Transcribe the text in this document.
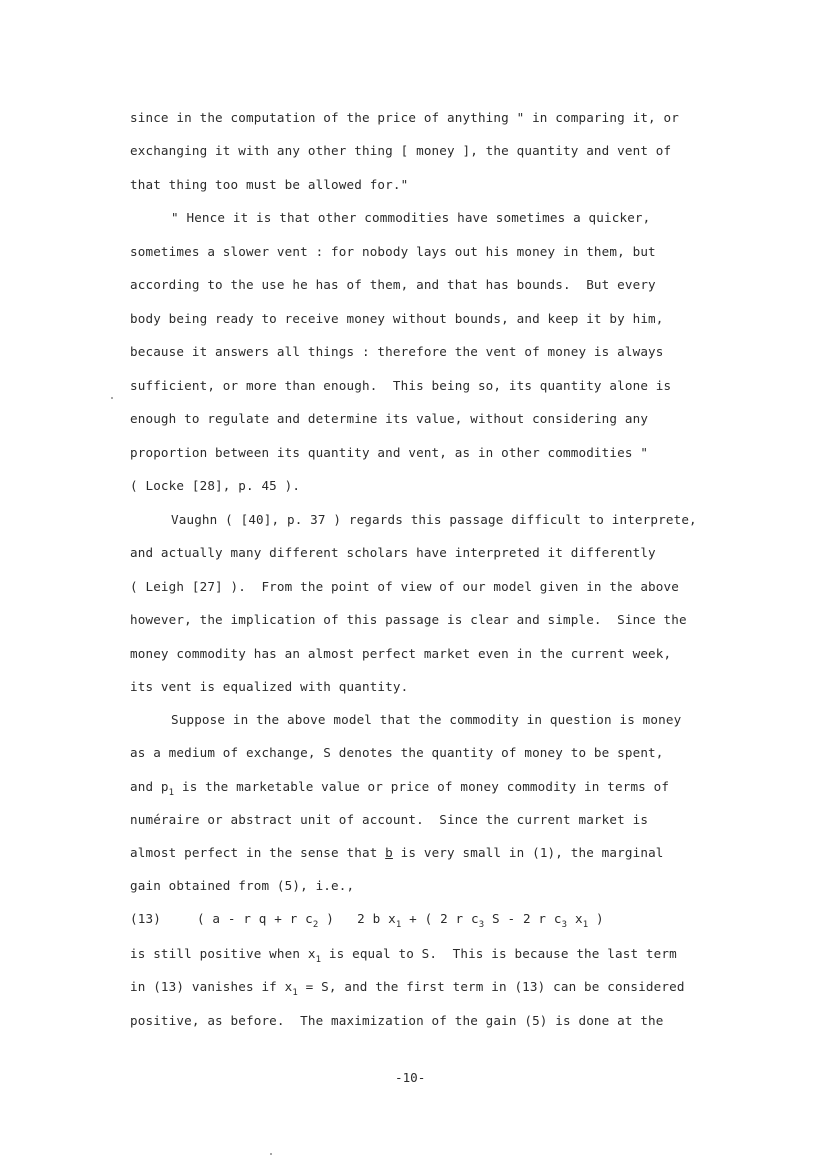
since in the computation of the price of anything " in comparing it, or
exchanging it with any other thing [ money ], the quantity and vent of
that thing too must be allowed for."
" Hence it is that other commodities have sometimes a quicker,
sometimes a slower vent : for nobody lays out his money in them, but
according to the use he has of them, and that has bounds.  But every
body being ready to receive money without bounds, and keep it by him,
because it answers all things : therefore the vent of money is always
sufficient, or more than enough.  This being so, its quantity alone is
enough to regulate and determine its value, without considering any
proportion between its quantity and vent, as in other commodities "
( Locke [28], p. 45 ).
Vaughn ( [40], p. 37 ) regards this passage difficult to interprete,
and actually many different scholars have interpreted it differently
( Leigh [27] ).  From the point of view of our model given in the above
however, the implication of this passage is clear and simple.  Since the
money commodity has an almost perfect market even in the current week,
its vent is equalized with quantity.
Suppose in the above model that the commodity in question is money
as a medium of exchange, S denotes the quantity of money to be spent,
and $p_1$ is the marketable value or price of money commodity in terms of
numéraire or abstract unit of account.  Since the current market is
almost perfect in the sense that b is very small in (1), the marginal
gain obtained from (5), i.e.,
(13)	( a - r q + r $c_2$ )   2 b $x_1$ + ( 2 r $c_3$ S - 2 r $c_3$ $x_1$ )
is still positive when $x_1$ is equal to S.  This is because the last term
in (13) vanishes if $x_1 = S$, and the first term in (13) can be considered
positive, as before.  The maximization of the gain (5) is done at the
-10-
